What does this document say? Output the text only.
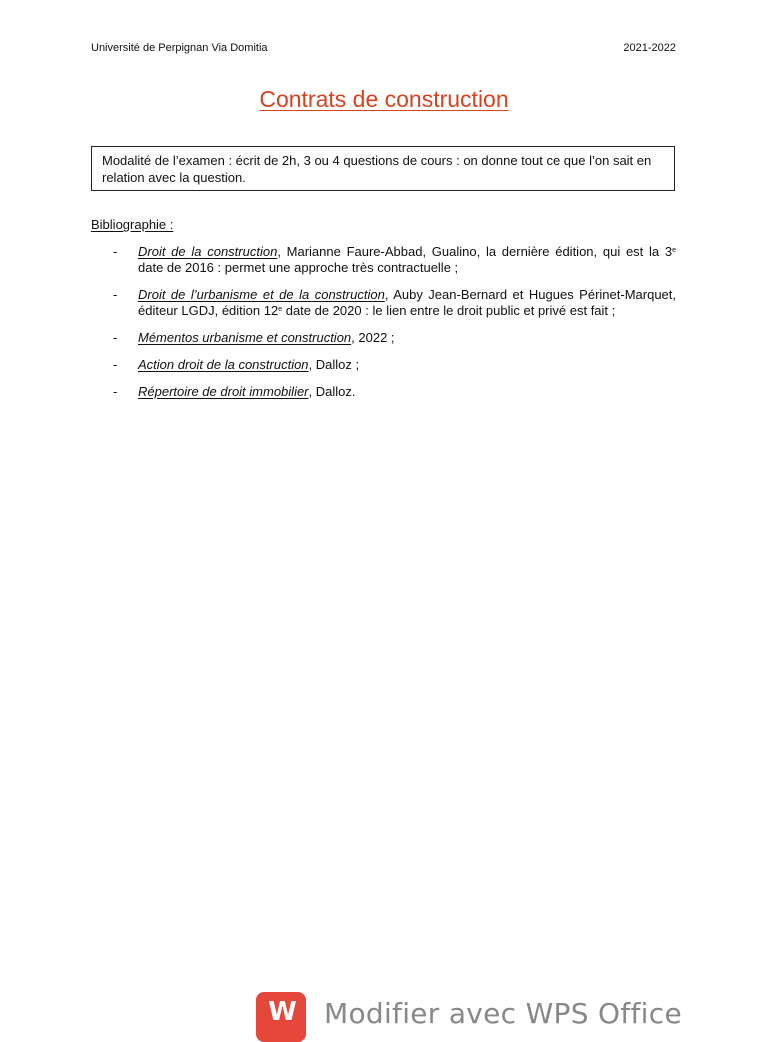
Université de Perpignan Via Domitia	2021-2022
Contrats de construction
Modalité de l’examen : écrit de 2h, 3 ou 4 questions de cours : on donne tout ce que l’on sait en relation avec la question.
Bibliographie :
- Droit de la construction, Marianne Faure-Abbad, Gualino, la dernière édition, qui est la 3e date de 2016 : permet une approche très contractuelle ;
- Droit de l’urbanisme et de la construction, Auby Jean-Bernard et Hugues Périnet-Marquet, éditeur LGDJ, édition 12e date de 2020 : le lien entre le droit public et privé est fait ;
- Mémentos urbanisme et construction, 2022 ;
- Action droit de la construction, Dalloz ;
- Répertoire de droit immobilier, Dalloz.
W	Modifier avec WPS Office
